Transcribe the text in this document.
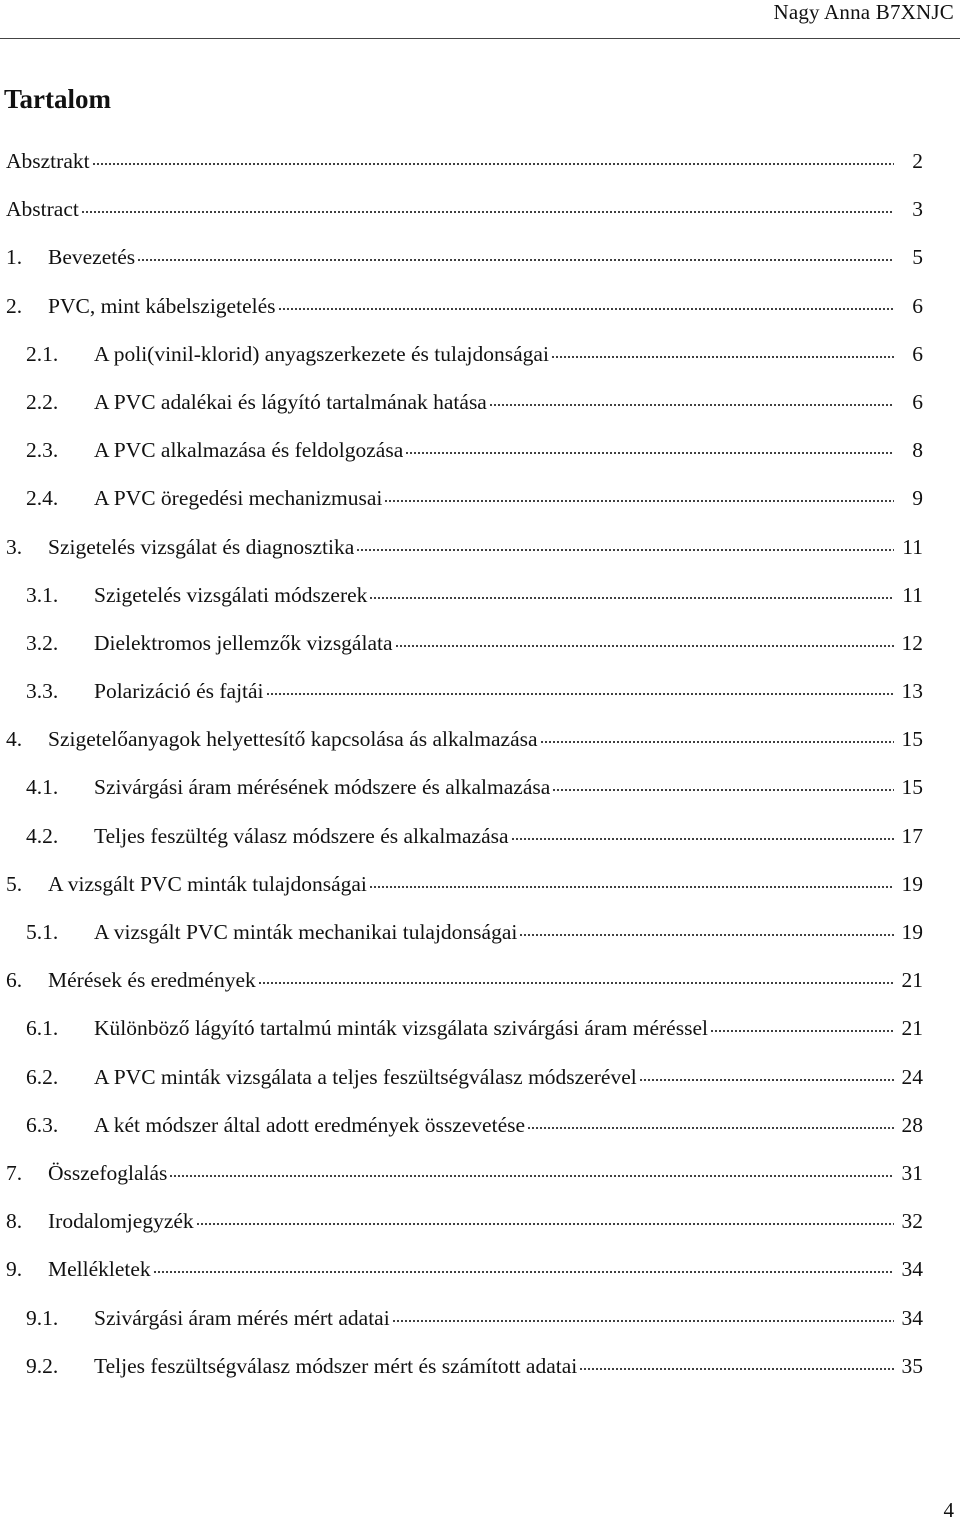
Nagy Anna B7XNJC
Tartalom
Absztrakt	2
Abstract	3
1. Bevezetés	5
2. PVC, mint kábelszigetelés	6
2.1. A poli(vinil-klorid) anyagszerkezete és tulajdonságai	6
2.2. A PVC adalékai és lágyító tartalmának hatása	6
2.3. A PVC alkalmazása és feldolgozása	8
2.4. A PVC öregedési mechanizmusai	9
3. Szigetelés vizsgálat és diagnosztika	11
3.1. Szigetelés vizsgálati módszerek	11
3.2. Dielektromos jellemzők vizsgálata	12
3.3. Polarizáció és fajtái	13
4. Szigetelőanyagok helyettesítő kapcsolása ás alkalmazása	15
4.1. Szivárgási áram mérésének módszere és alkalmazása	15
4.2. Teljes feszültég válasz módszere és alkalmazása	17
5. A vizsgált PVC minták tulajdonságai	19
5.1. A vizsgált PVC minták mechanikai tulajdonságai	19
6. Mérések és eredmények	21
6.1. Különböző lágyító tartalmú minták vizsgálata szivárgási áram méréssel	21
6.2. A PVC minták vizsgálata a teljes feszültségválasz módszerével	24
6.3. A két módszer által adott eredmények összevetése	28
7. Összefoglalás	31
8. Irodalomjegyzék	32
9. Mellékletek	34
9.1. Szivárgási áram mérés mért adatai	34
9.2. Teljes feszültségválasz módszer mért és számított adatai	35
4
